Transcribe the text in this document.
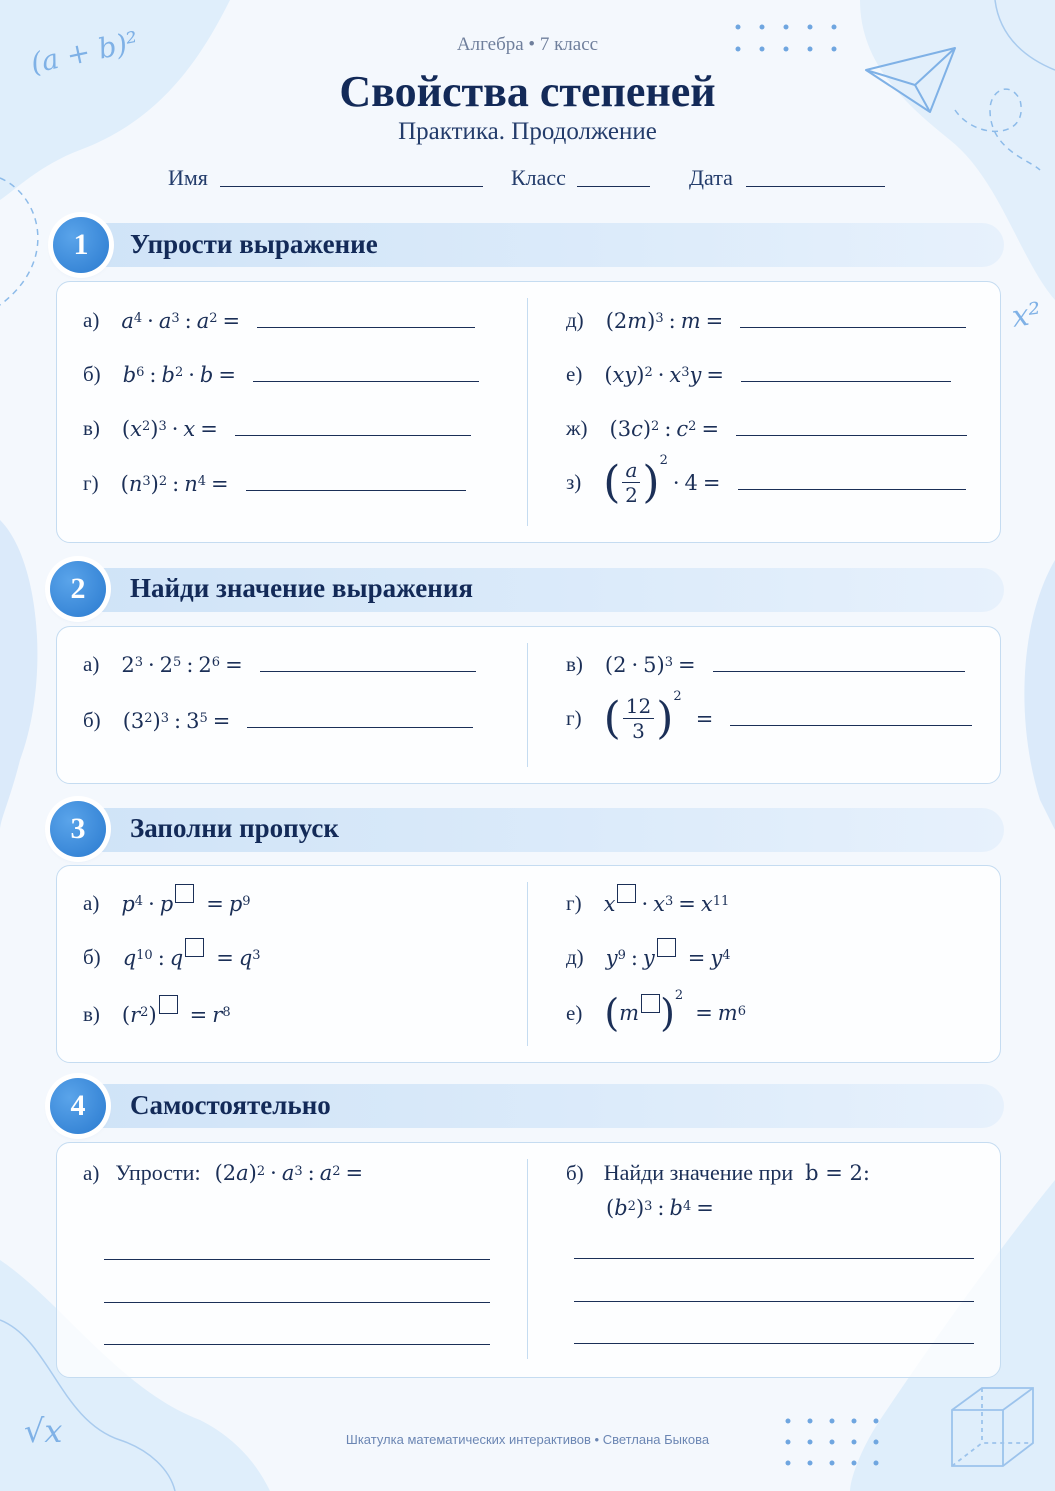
(a + b)²
x²
√x
Алгебра • 7 класс
Свойства степеней
Практика. Продолжение
Имя	Класс	Дата
1	Упрости выражение
а) $a^4 \cdot a^3$ : $a^2$ =
б) $b^6$ : $b^2 \cdot b$ =
в) ( $x^2$ )$^3$ · x =
г) ( $n^3$ )$^2$ : $n^4$ =
д) (2 m )$^3$ : m =
е) ( xy )$^2 \cdot x^3$ y =
ж) (3 c )$^2$ : $c^2$ =
з) ( $\frac{a}{2} )^2$
· 4 =
2	Найди значение выражения
а) $2^3 \cdot 2^5$ : $2^6$ =
б) ($3^2$ )$^3$ : $3^5$ =
в) $(2 \cdot 5)^3$ =
г) ( $\frac{12}{3} )^2$
=
3	Заполни пропуск
а) $p^4 \cdot p = p^9$
б) $q^{10}$ : $q = q^3$
в) ( $r^2$ ) = $r^8$
г) $x \cdot x^3 = x^{11}$
д) $y^9$ : $y = y^4$
е) ( m )$^2$
= $m^6$
4	Самостоятельно
а) Упрости: (2 a )$^2 \cdot a^3$ : $a^2$ =	б) Найди значение при b = 2:
( $b^2$ )$^3$ : $b^4$ =
Шкатулка математических интерактивов • Светлана Быкова
